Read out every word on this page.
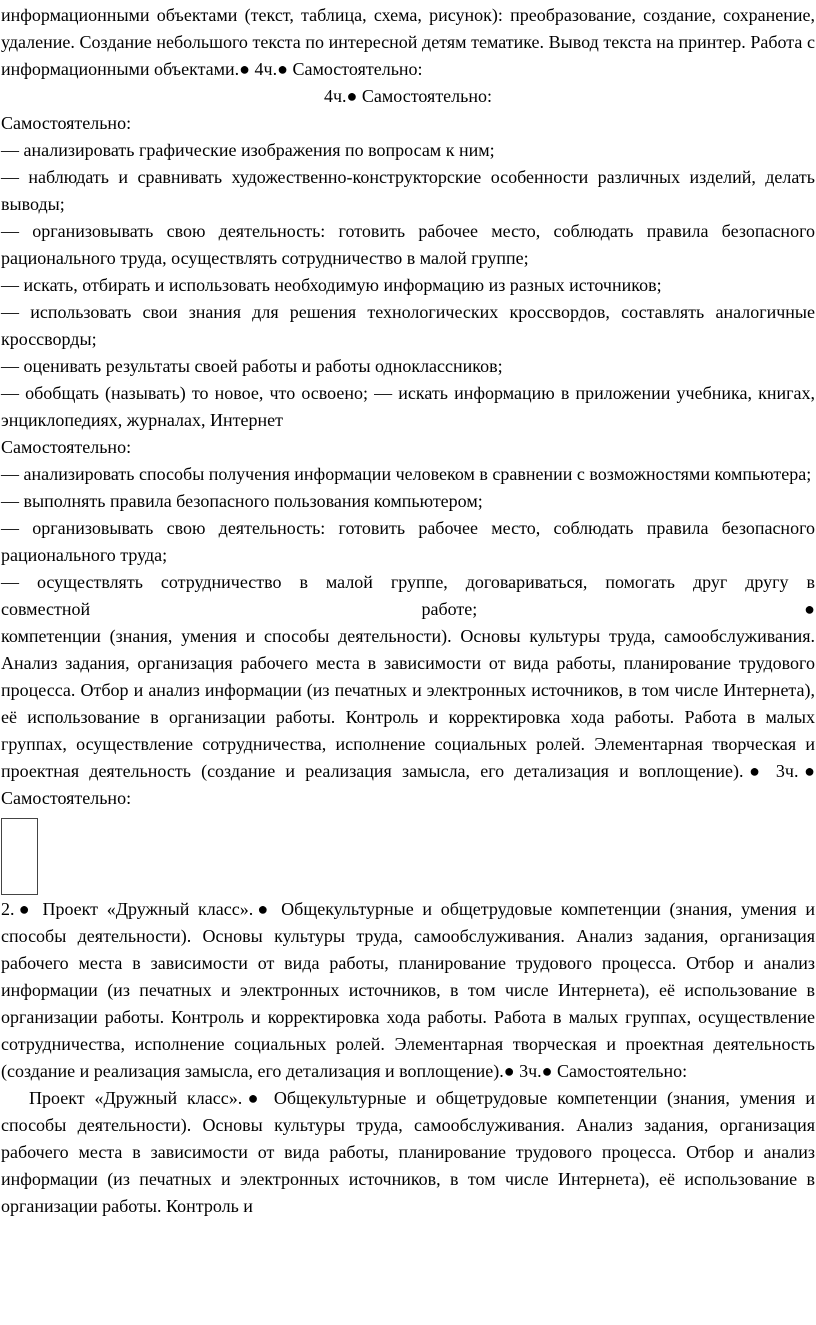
информационными объектами (текст, таблица, схема, рисунок): преобразование, создание, сохранение, удаление. Создание небольшого текста по интересной детям тематике. Вывод текста на принтер. Работа с информационными объектами.● 4ч.● Самостоятельно:

4ч.● Самостоятельно:

Самостоятельно:

— анализировать графические изображения по вопросам к ним;

— наблюдать и сравнивать художественно-конструкторские особенности различных изделий, делать выводы;

— организовывать свою деятельность: готовить рабочее место, соблюдать правила безопасного рационального труда, осуществлять сотрудничество в малой группе;

— искать, отбирать и использовать необходимую информацию из разных источников;

— использовать свои знания для решения технологических кроссвордов, составлять аналогичные кроссворды;

— оценивать результаты своей работы и работы одноклассников;

— обобщать (называть) то новое, что освоено; — искать информацию в приложении учебника, книгах, энциклопедиях, журналах, Интернет

Самостоятельно:

— анализировать способы получения информации человеком в сравнении с возможностями компьютера;

— выполнять правила безопасного пользования компьютером;

— организовывать свою деятельность: готовить рабочее место, соблюдать правила безопасного рационального труда;

— осуществлять сотрудничество в малой группе, договариваться, помогать друг другу в
совместной работе;●

компетенции (знания, умения и способы деятельности). Основы культуры труда, самообслуживания. Анализ задания, организация рабочего места в зависимости от вида работы, планирование трудового процесса. Отбор и анализ информации (из печатных и электронных источников, в том числе Интернета), её использование в организации работы. Контроль и корректировка хода работы. Работа в малых группах, осуществление сотрудничества, исполнение социальных ролей. Элементарная творческая и проектная деятельность (создание и реализация замысла, его детализация и воплощение).● 3ч.● Самостоятельно:

2.● Проект «Дружный класс».● Общекультурные и общетрудовые компетенции (знания, умения и способы деятельности). Основы культуры труда, самообслуживания. Анализ задания, организация рабочего места в зависимости от вида работы, планирование трудового процесса. Отбор и анализ информации (из печатных и электронных источников, в том числе Интернета), её использование в организации работы. Контроль и корректировка хода работы. Работа в малых группах, осуществление сотрудничества, исполнение социальных ролей. Элементарная творческая и проектная деятельность (создание и реализация замысла, его детализация и воплощение).● 3ч.● Самостоятельно:

Проект «Дружный класс».● Общекультурные и общетрудовые компетенции (знания, умения и способы деятельности). Основы культуры труда, самообслуживания. Анализ задания, организация рабочего места в зависимости от вида работы, планирование трудового процесса. Отбор и анализ информации (из печатных и электронных источников, в том числе Интернета), её использование в организации работы. Контроль и
